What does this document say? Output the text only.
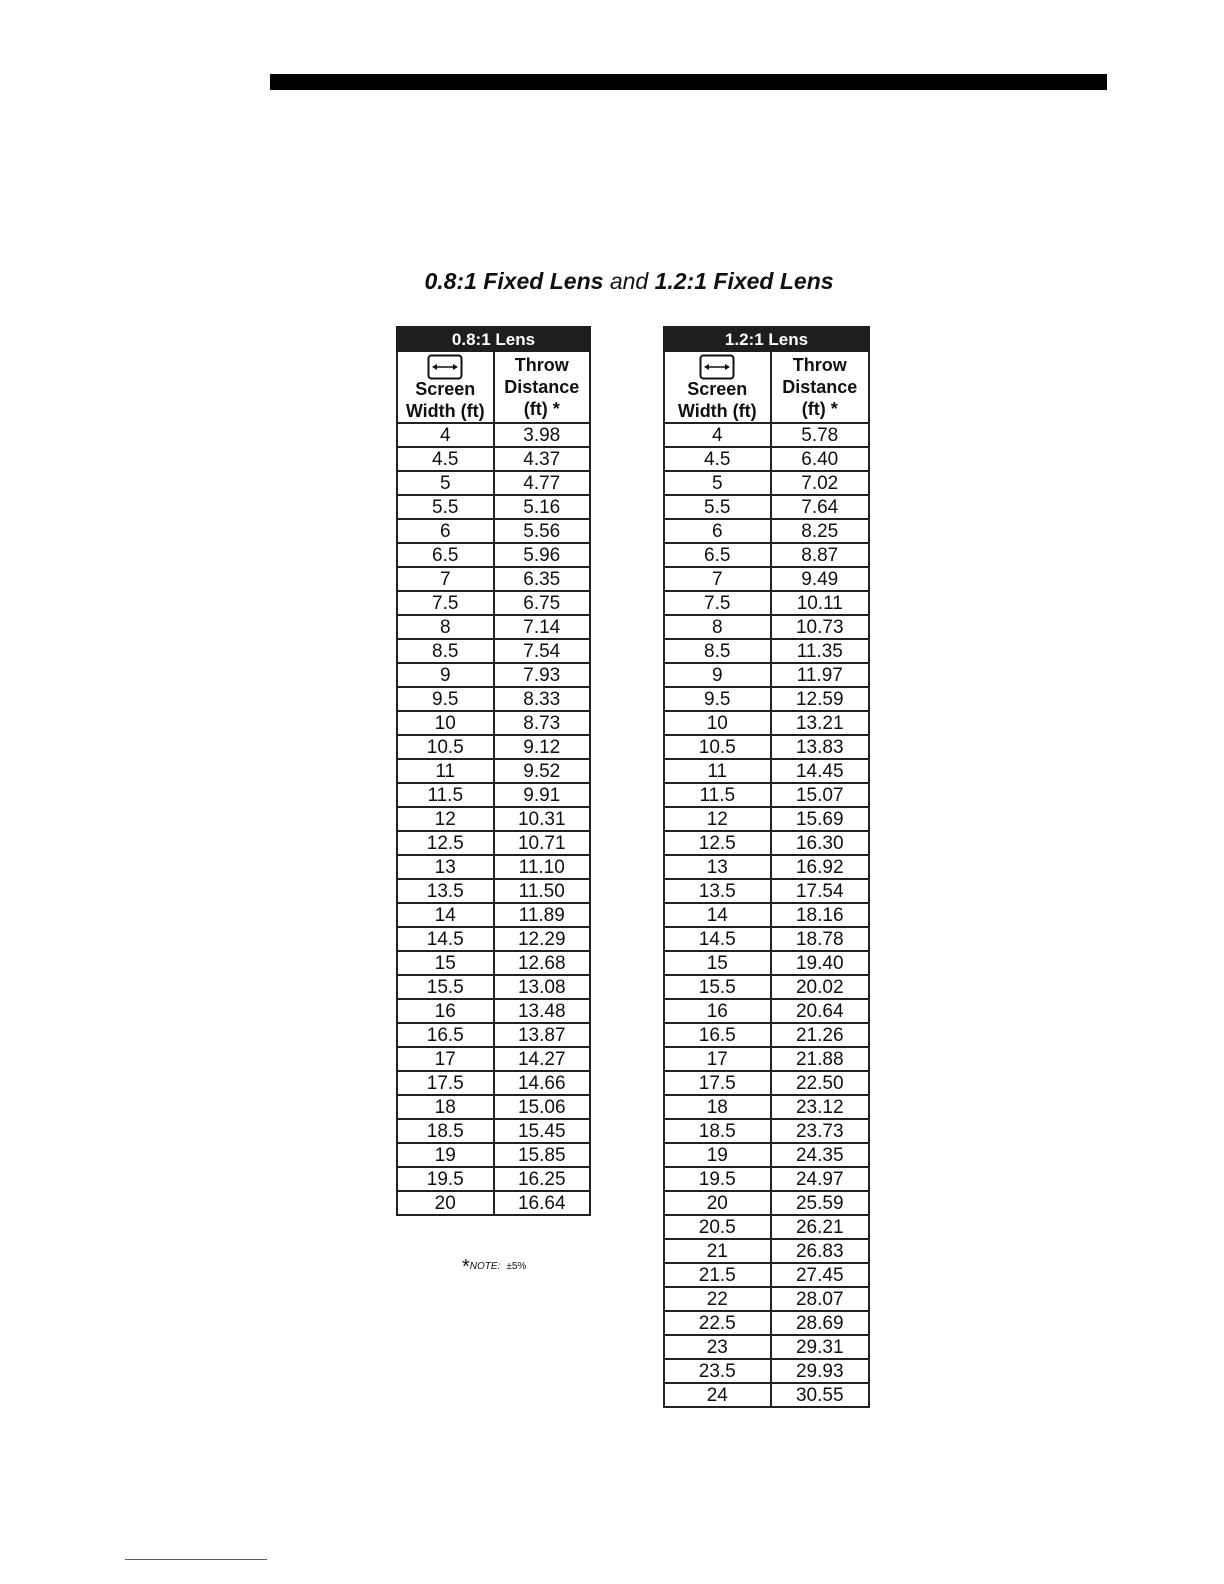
0.8:1 Fixed Lens and 1.2:1 Fixed Lens
0.8:1 Lens	

Screen
Width (ft)	Throw
Distance
(ft) *

4	3.98
4.5	4.37
5	4.77
5.5	5.16
6	5.56
6.5	5.96
7	6.35
7.5	6.75
8	7.14
8.5	7.54
9	7.93
9.5	8.33
10	8.73
10.5	9.12
11	9.52
11.5	9.91
12	10.31
12.5	10.71
13	11.10
13.5	11.50
14	11.89
14.5	12.29
15	12.68
15.5	13.08
16	13.48
16.5	13.87
17	14.27
17.5	14.66
18	15.06
18.5	15.45
19	15.85
19.5	16.25
20	16.64
1.2:1 Lens	

Screen
Width (ft)	Throw
Distance
(ft) *

4	5.78
4.5	6.40
5	7.02
5.5	7.64
6	8.25
6.5	8.87
7	9.49
7.5	10.11
8	10.73
8.5	11.35
9	11.97
9.5	12.59
10	13.21
10.5	13.83
11	14.45
11.5	15.07
12	15.69
12.5	16.30
13	16.92
13.5	17.54
14	18.16
14.5	18.78
15	19.40
15.5	20.02
16	20.64
16.5	21.26
17	21.88
17.5	22.50
18	23.12
18.5	23.73
19	24.35
19.5	24.97
20	25.59
20.5	26.21
21	26.83
21.5	27.45
22	28.07
22.5	28.69
23	29.31
23.5	29.93
24	30.55
*NOTE: ±5%
